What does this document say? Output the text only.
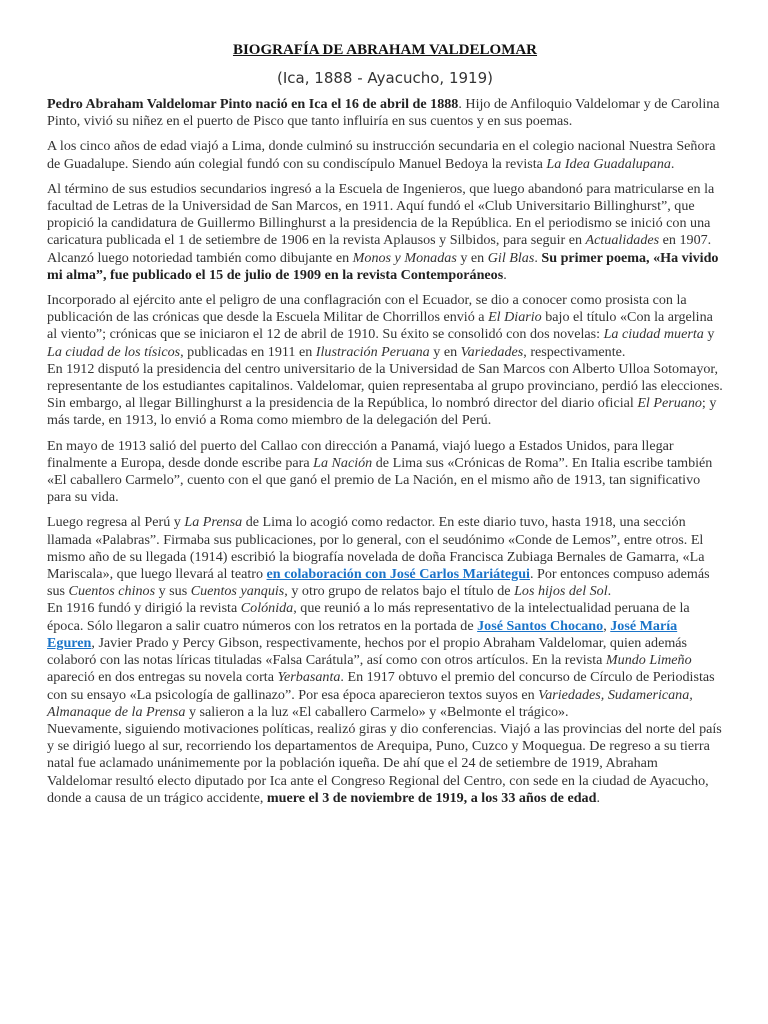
BIOGRAFÍA DE ABRAHAM VALDELOMAR
(Ica, 1888 - Ayacucho, 1919)

Pedro Abraham Valdelomar Pinto nació en Ica el 16 de abril de 1888. Hijo de Anfiloquio Valdelomar y de Carolina Pinto, vivió su niñez en el puerto de Pisco que tanto influiría en sus cuentos y en sus poemas.

A los cinco años de edad viajó a Lima, donde culminó su instrucción secundaria en el colegio nacional Nuestra Señora de Guadalupe. Siendo aún colegial fundó con su condiscípulo Manuel Bedoya la revista La Idea Guadalupana.

Al término de sus estudios secundarios ingresó a la Escuela de Ingenieros, que luego abandonó para matricularse en la facultad de Letras de la Universidad de San Marcos, en 1911. Aquí fundó el «Club Universitario Billinghurst”, que propició la candidatura de Guillermo Billinghurst a la presidencia de la República. En el periodismo se inició con una caricatura publicada el 1 de setiembre de 1906 en la revista Aplausos y Silbidos, para seguir en Actualidades en 1907. Alcanzó luego notoriedad también como dibujante en Monos y Monadas y en Gil Blas. Su primer poema, «Ha vivido mi alma”, fue publicado el 15 de julio de 1909 en la revista Contemporáneos.

Incorporado al ejército ante el peligro de una conflagración con el Ecuador, se dio a conocer como prosista con la publicación de las crónicas que desde la Escuela Militar de Chorrillos envió a El Diario bajo el título «Con la argelina al viento”; crónicas que se iniciaron el 12 de abril de 1910. Su éxito se consolidó con dos novelas: La ciudad muerta y La ciudad de los tísicos, publicadas en 1911 en Ilustración Peruana y en Variedades, respectivamente.

En 1912 disputó la presidencia del centro universitario de la Universidad de San Marcos con Alberto Ulloa Sotomayor, representante de los estudiantes capitalinos. Valdelomar, quien representaba al grupo provinciano, perdió las elecciones. Sin embargo, al llegar Billinghurst a la presidencia de la República, lo nombró director del diario oficial El Peruano; y más tarde, en 1913, lo envió a Roma como miembro de la delegación del Perú.

En mayo de 1913 salió del puerto del Callao con dirección a Panamá, viajó luego a Estados Unidos, para llegar finalmente a Europa, desde donde escribe para La Nación de Lima sus «Crónicas de Roma”. En Italia escribe también «El caballero Carmelo”, cuento con el que ganó el premio de La Nación, en el mismo año de 1913, tan significativo para su vida.

Luego regresa al Perú y La Prensa de Lima lo acogió como redactor. En este diario tuvo, hasta 1918, una sección llamada «Palabras”. Firmaba sus publicaciones, por lo general, con el seudónimo «Conde de Lemos”, entre otros. El mismo año de su llegada (1914) escribió la biografía novelada de doña Francisca Zubiaga Bernales de Gamarra, «La Mariscala», que luego llevará al teatro en colaboración con José Carlos Mariátegui. Por entonces compuso además sus Cuentos chinos y sus Cuentos yanquis, y otro grupo de relatos bajo el título de Los hijos del Sol.

En 1916 fundó y dirigió la revista Colónida, que reunió a lo más representativo de la intelectualidad peruana de la época. Sólo llegaron a salir cuatro números con los retratos en la portada de José Santos Chocano, José María Eguren, Javier Prado y Percy Gibson, respectivamente, hechos por el propio Abraham Valdelomar, quien además colaboró con las notas líricas tituladas «Falsa Carátula”, así como con otros artículos. En la revista Mundo Limeño apareció en dos entregas su novela corta Yerbasanta. En 1917 obtuvo el premio del concurso de Círculo de Periodistas con su ensayo «La psicología de gallinazo”. Por esa época aparecieron textos suyos en Variedades, Sudamericana, Almanaque de la Prensa y salieron a la luz «El caballero Carmelo» y «Belmonte el trágico».

Nuevamente, siguiendo motivaciones políticas, realizó giras y dio conferencias. Viajó a las provincias del norte del país y se dirigió luego al sur, recorriendo los departamentos de Arequipa, Puno, Cuzco y Moquegua. De regreso a su tierra natal fue aclamado unánimemente por la población iqueña. De ahí que el 24 de setiembre de 1919, Abraham Valdelomar resultó electo diputado por Ica ante el Congreso Regional del Centro, con sede en la ciudad de Ayacucho, donde a causa de un trágico accidente, muere el 3 de noviembre de 1919, a los 33 años de edad.
